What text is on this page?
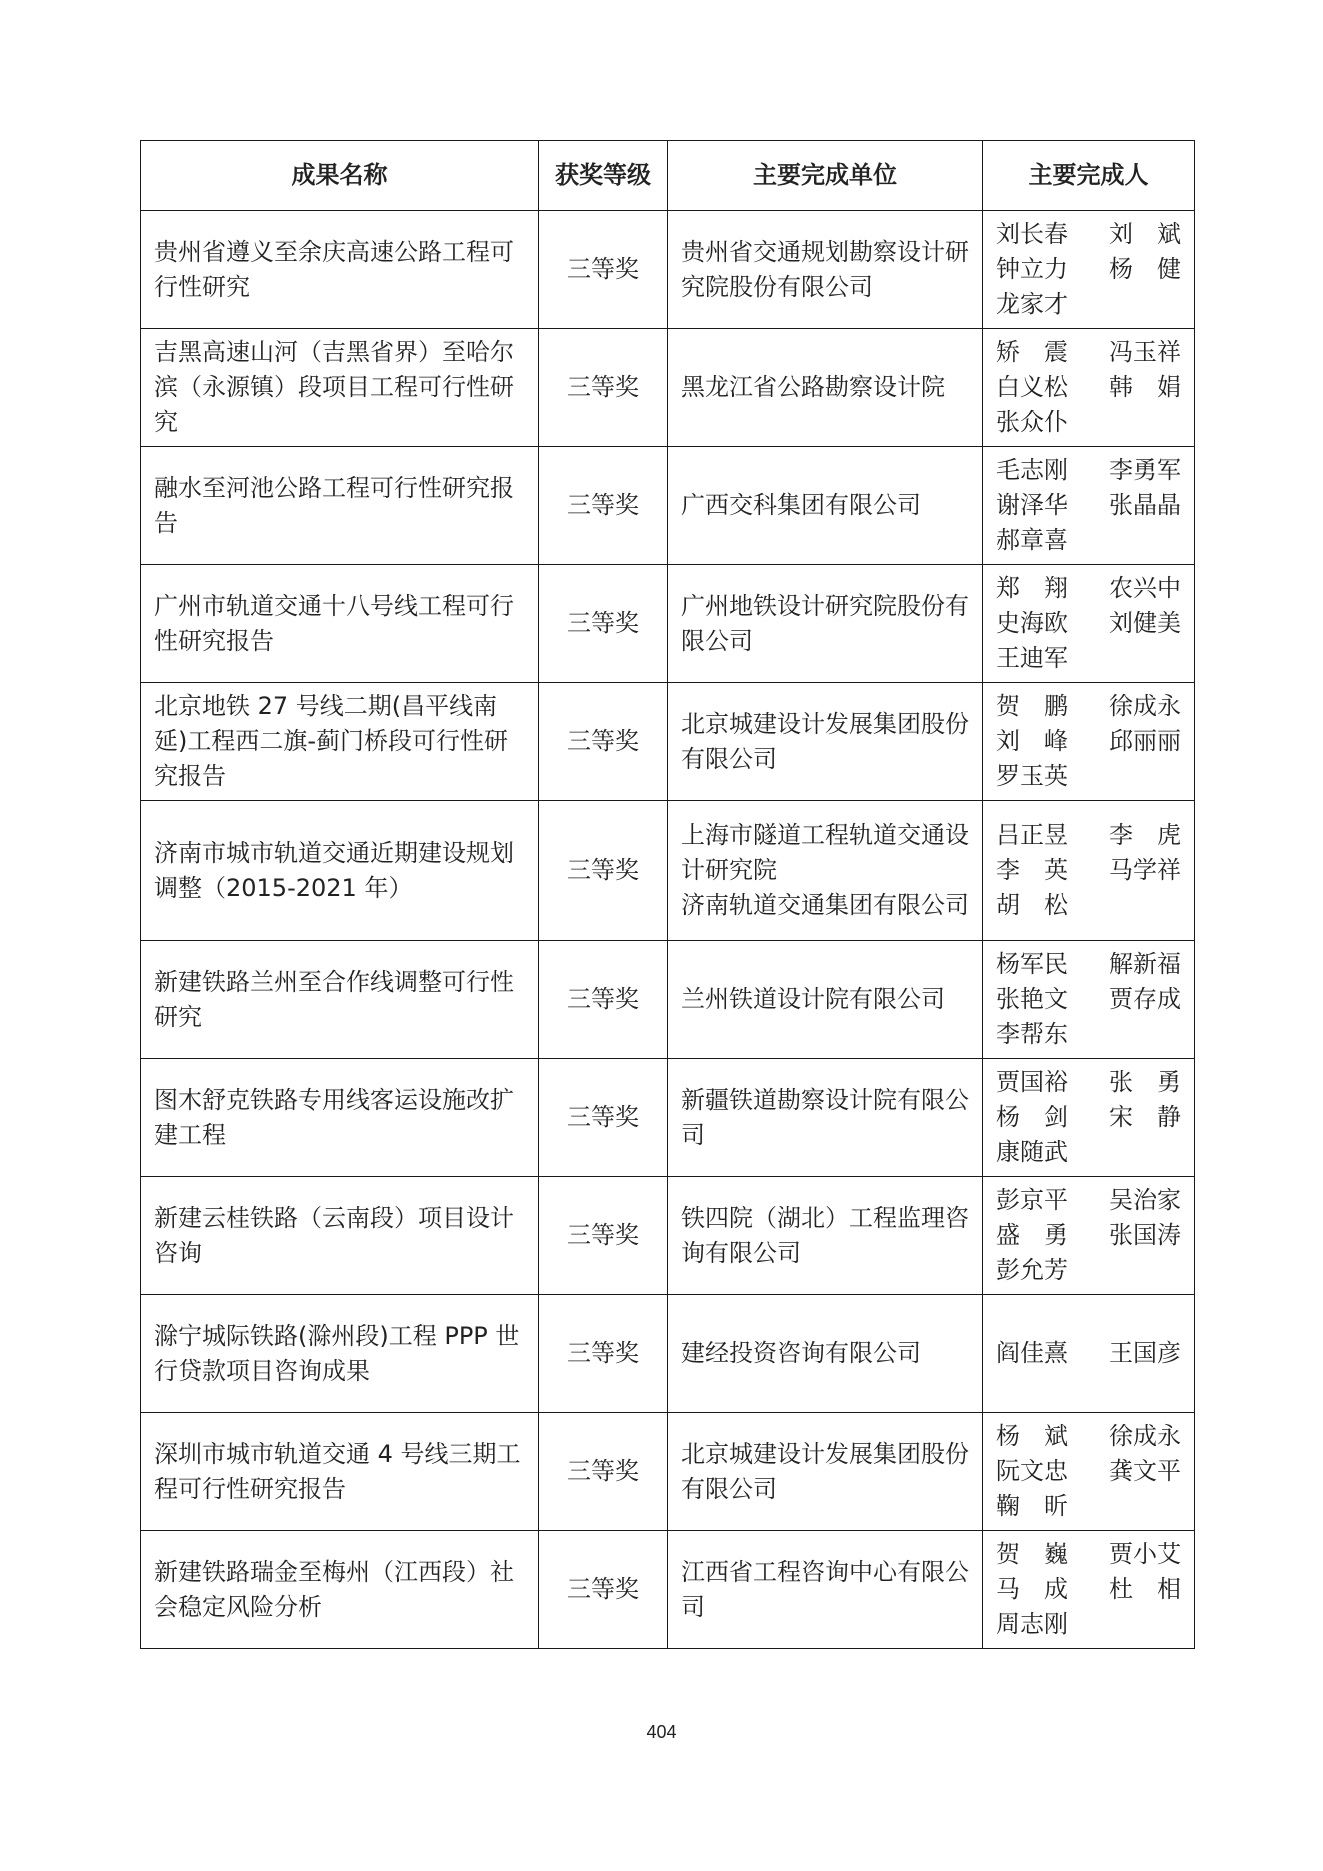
成果名称	获奖等级	主要完成单位	主要完成人
贵州省遵义至余庆高速公路工程可行性研究	三等奖	贵州省交通规划勘察设计研究院股份有限公司	刘长春 刘　斌
钟立力 杨　健
龙家才

吉黑高速山河（吉黑省界）至哈尔滨（永源镇）段项目工程可行性研究	三等奖	黑龙江省公路勘察设计院	矫　震 冯玉祥
白义松 韩　娟
张众仆

融水至河池公路工程可行性研究报告	三等奖	广西交科集团有限公司	毛志刚 李勇军
谢泽华 张晶晶
郝章喜

广州市轨道交通十八号线工程可行性研究报告	三等奖	广州地铁设计研究院股份有限公司	郑　翔 农兴中
史海欧 刘健美
王迪军

北京地铁 27 号线二期(昌平线南延)工程西二旗-蓟门桥段可行性研究报告	三等奖	北京城建设计发展集团股份有限公司	贺　鹏 徐成永
刘　峰 邱丽丽
罗玉英

济南市城市轨道交通近期建设规划调整（2015-2021 年）	三等奖	上海市隧道工程轨道交通设计研究院
济南轨道交通集团有限公司	吕正昱 李　虎
李　英 马学祥
胡　松

新建铁路兰州至合作线调整可行性研究	三等奖	兰州铁道设计院有限公司	杨军民 解新福
张艳文 贾存成
李帮东

图木舒克铁路专用线客运设施改扩建工程	三等奖	新疆铁道勘察设计院有限公司	贾国裕 张　勇
杨　剑 宋　静
康随武

新建云桂铁路（云南段）项目设计咨询	三等奖	铁四院（湖北）工程监理咨询有限公司	彭京平 吴治家
盛　勇 张国涛
彭允芳

滁宁城际铁路(滁州段)工程 PPP 世行贷款项目咨询成果	三等奖	建经投资咨询有限公司	阎佳熹 王国彦

深圳市城市轨道交通 4 号线三期工程可行性研究报告	三等奖	北京城建设计发展集团股份有限公司	杨　斌 徐成永
阮文忠 龚文平
鞠　昕

新建铁路瑞金至梅州（江西段）社会稳定风险分析	三等奖	江西省工程咨询中心有限公司	贺　巍 贾小艾
马　成 杜　相
周志刚
404
